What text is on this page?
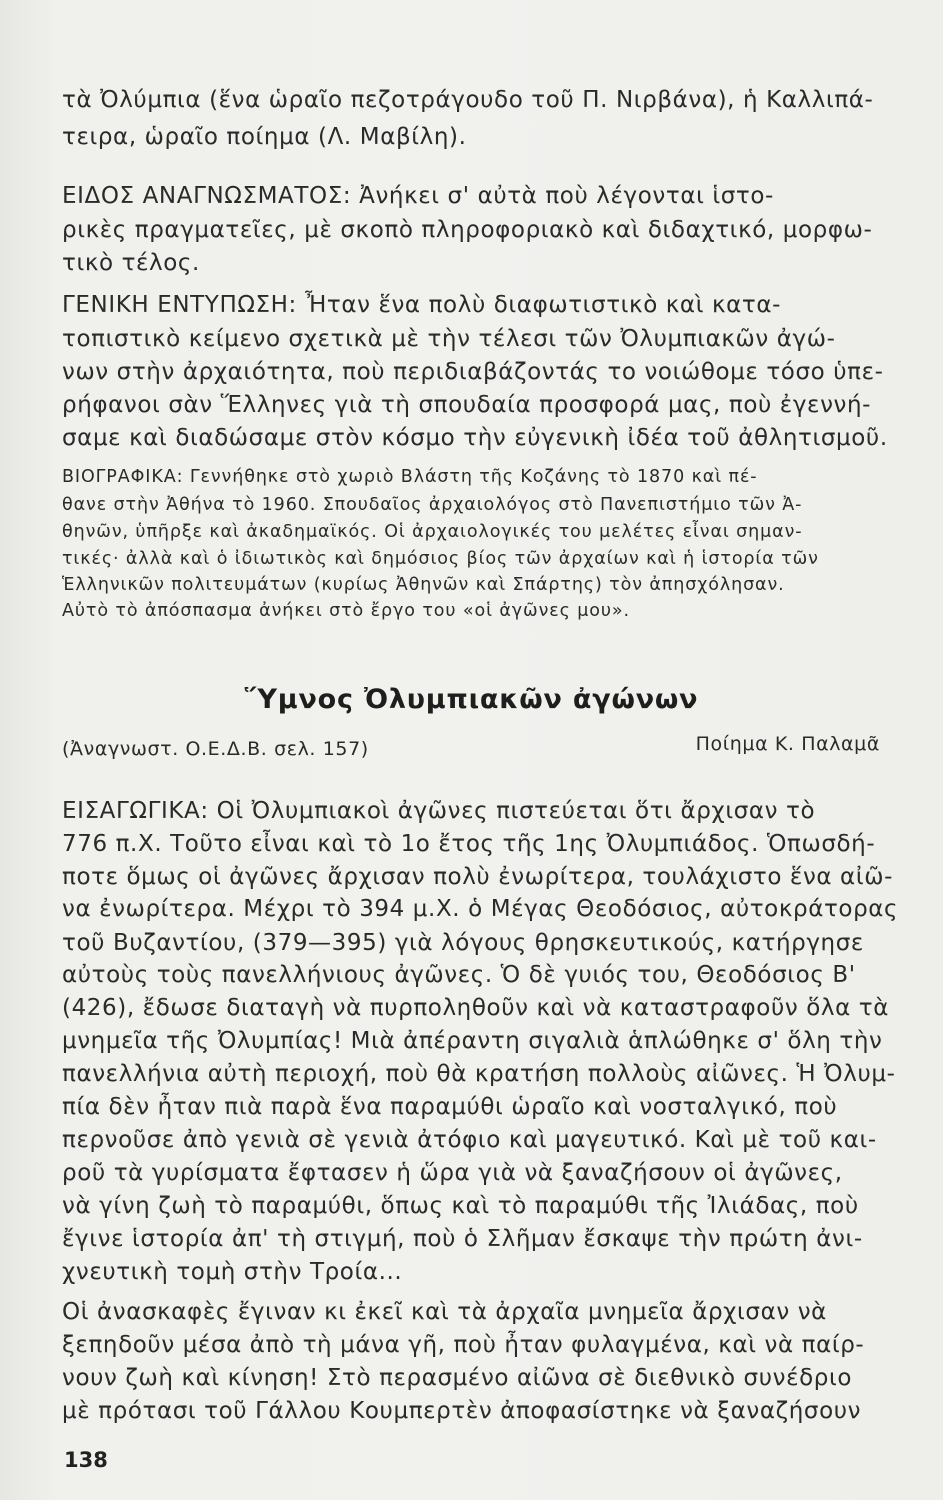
τὰ Ὀλύμπια (ἕνα ὡραῖο πεζοτράγουδο τοῦ Π. Νιρβάνα), ἡ Καλλιπά-
τειρα, ὡραῖο ποίημα (Λ. Μαβίλη).
ΕΙΔΟΣ ΑΝΑΓΝΩΣΜΑΤΟΣ: Ἀνήκει σ' αὐτὰ ποὺ λέγονται ἱστο-
ρικὲς πραγματεῖες, μὲ σκοπὸ πληροφοριακὸ καὶ διδαχτικό, μορφω-
τικὸ τέλος.
ΓΕΝΙΚΗ ΕΝΤΥΠΩΣΗ: Ἦταν ἕνα πολὺ διαφωτιστικὸ καὶ κατα-
τοπιστικὸ κείμενο σχετικὰ μὲ τὴν τέλεσι τῶν Ὀλυμπιακῶν ἀγώ-
νων στὴν ἀρχαιότητα, ποὺ περιδιαβάζοντάς το νοιώθομε τόσο ὑπε-
ρήφανοι σὰν Ἕλληνες γιὰ τὴ σπουδαία προσφορά μας, ποὺ ἐγεννή-
σαμε καὶ διαδώσαμε στὸν κόσμο τὴν εὐγενικὴ ἰδέα τοῦ ἀθλητισμοῦ.
ΒΙΟΓΡΑΦΙΚΑ: Γεννήθηκε στὸ χωριὸ Βλάστη τῆς Κοζάνης τὸ 1870 καὶ πέ-
θανε στὴν Ἀθήνα τὸ 1960. Σπουδαῖος ἀρχαιολόγος στὸ Πανεπιστήμιο τῶν Ἀ-
θηνῶν, ὑπῆρξε καὶ ἀκαδημαϊκός. Οἱ ἀρχαιολογικές του μελέτες εἶναι σημαν-
τικές· ἀλλὰ καὶ ὁ ἰδιωτικὸς καὶ δημόσιος βίος τῶν ἀρχαίων καὶ ἡ ἱστορία τῶν
Ἑλληνικῶν πολιτευμάτων (κυρίως Ἀθηνῶν καὶ Σπάρτης) τὸν ἀπησχόλησαν.
Αὐτὸ τὸ ἀπόσπασμα ἀνήκει στὸ ἔργο του «οἱ ἀγῶνες μου».
Ὕμνος Ὀλυμπιακῶν ἀγώνων
(Ἀναγνωστ. Ο.Ε.Δ.Β. σελ. 157)	Ποίημα Κ. Παλαμᾶ
ΕΙΣΑΓΩΓΙΚΑ: Οἱ Ὀλυμπιακοὶ ἀγῶνες πιστεύεται ὅτι ἄρχισαν τὸ
776 π.Χ. Τοῦτο εἶναι καὶ τὸ 1ο ἔτος τῆς 1ης Ὀλυμπιάδος. Ὁπωσδή-
ποτε ὅμως οἱ ἀγῶνες ἄρχισαν πολὺ ἐνωρίτερα, τουλάχιστο ἕνα αἰῶ-
να ἐνωρίτερα. Μέχρι τὸ 394 μ.Χ. ὁ Μέγας Θεοδόσιος, αὐτοκράτορας
τοῦ Βυζαντίου, (379—395) γιὰ λόγους θρησκευτικούς, κατήργησε
αὐτοὺς τοὺς πανελλήνιους ἀγῶνες. Ὁ δὲ γυιός του, Θεοδόσιος Β'
(426), ἔδωσε διαταγὴ νὰ πυρποληθοῦν καὶ νὰ καταστραφοῦν ὅλα τὰ
μνημεῖα τῆς Ὀλυμπίας! Μιὰ ἀπέραντη σιγαλιὰ ἁπλώθηκε σ' ὅλη τὴν
πανελλήνια αὐτὴ περιοχή, ποὺ θὰ κρατήση πολλοὺς αἰῶνες. Ἡ Ὀλυμ-
πία δὲν ἦταν πιὰ παρὰ ἕνα παραμύθι ὡραῖο καὶ νοσταλγικό, ποὺ
περνοῦσε ἀπὸ γενιὰ σὲ γενιὰ ἀτόφιο καὶ μαγευτικό. Καὶ μὲ τοῦ και-
ροῦ τὰ γυρίσματα ἔφτασεν ἡ ὥρα γιὰ νὰ ξαναζήσουν οἱ ἀγῶνες,
νὰ γίνη ζωὴ τὸ παραμύθι, ὅπως καὶ τὸ παραμύθι τῆς Ἰλιάδας, ποὺ
ἔγινε ἱστορία ἀπ' τὴ στιγμή, ποὺ ὁ Σλῆμαν ἔσκαψε τὴν πρώτη ἀνι-
χνευτικὴ τομὴ στὴν Τροία...
Οἱ ἀνασκαφὲς ἔγιναν κι ἐκεῖ καὶ τὰ ἀρχαῖα μνημεῖα ἄρχισαν νὰ
ξεπηδοῦν μέσα ἀπὸ τὴ μάνα γῆ, ποὺ ἦταν φυλαγμένα, καὶ νὰ παίρ-
νουν ζωὴ καὶ κίνηση! Στὸ περασμένο αἰῶνα σὲ διεθνικὸ συνέδριο
μὲ πρότασι τοῦ Γάλλου Κουμπερτὲν ἀποφασίστηκε νὰ ξαναζήσουν
138
